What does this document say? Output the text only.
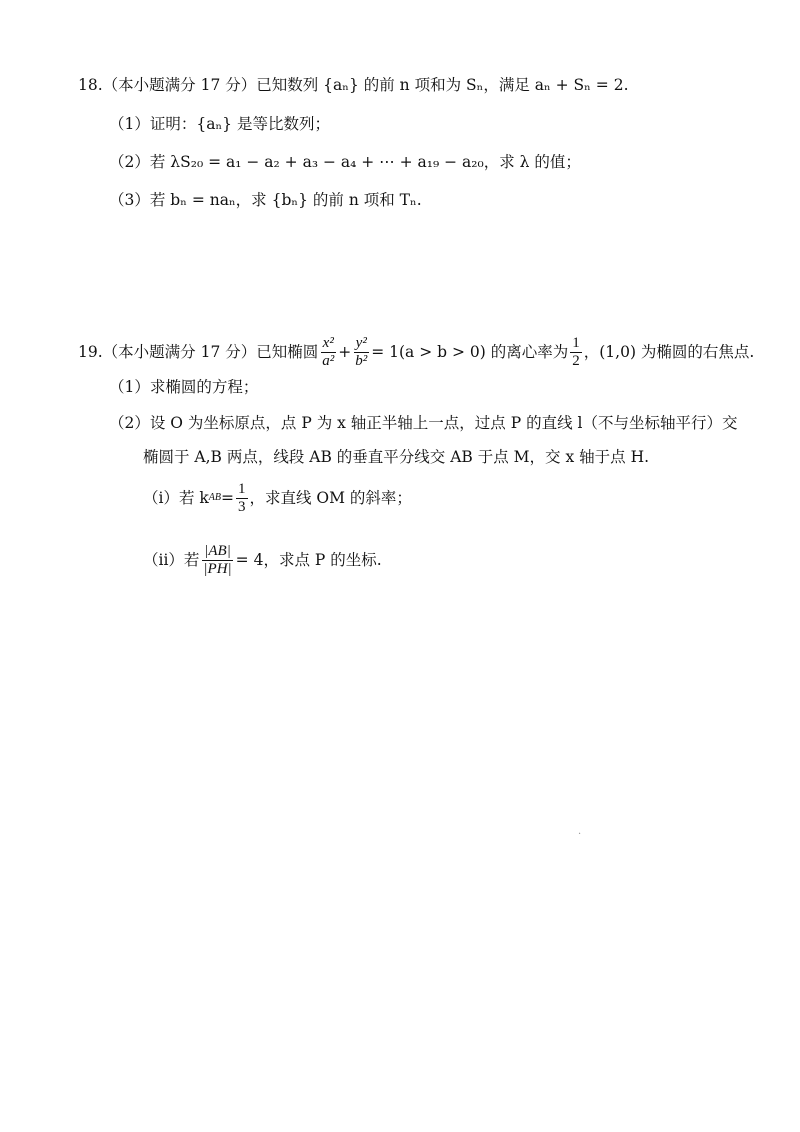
18.（本小题满分 17 分）已知数列 {aₙ} 的前 n 项和为 Sₙ，满足 aₙ + Sₙ = 2.
（1）证明：{aₙ} 是等比数列；
（2）若 λS₂₀ = a₁ − a₂ + a₃ − a₄ + ⋯ + a₁₉ − a₂₀，求 λ 的值；
（3）若 bₙ = naₙ，求 {bₙ} 的前 n 项和 Tₙ.
19.（本小题满分 17 分）已知椭圆 $\frac{\text{x²}}{\text{a²}} + \frac{\text{y²}}{\text{b²}} = 1(a > b > 0)$ 的离心率为 $\frac{1}{2}$ ，(1,0) 为椭圆的右焦点.
（1）求椭圆的方程；
（2）设 O 为坐标原点，点 P 为 x 轴正半轴上一点，过点 P 的直线 l（不与坐标轴平行）交
椭圆于 A,B 两点，线段 AB 的垂直平分线交 AB 于点 M，交 x 轴于点 H.
（i）若 k AB = $\frac{1}{3}$ ，求直线 OM 的斜率；
（ii）若 $\frac{|AB|}{|PH|} = 4$，求点 P 的坐标.
·
